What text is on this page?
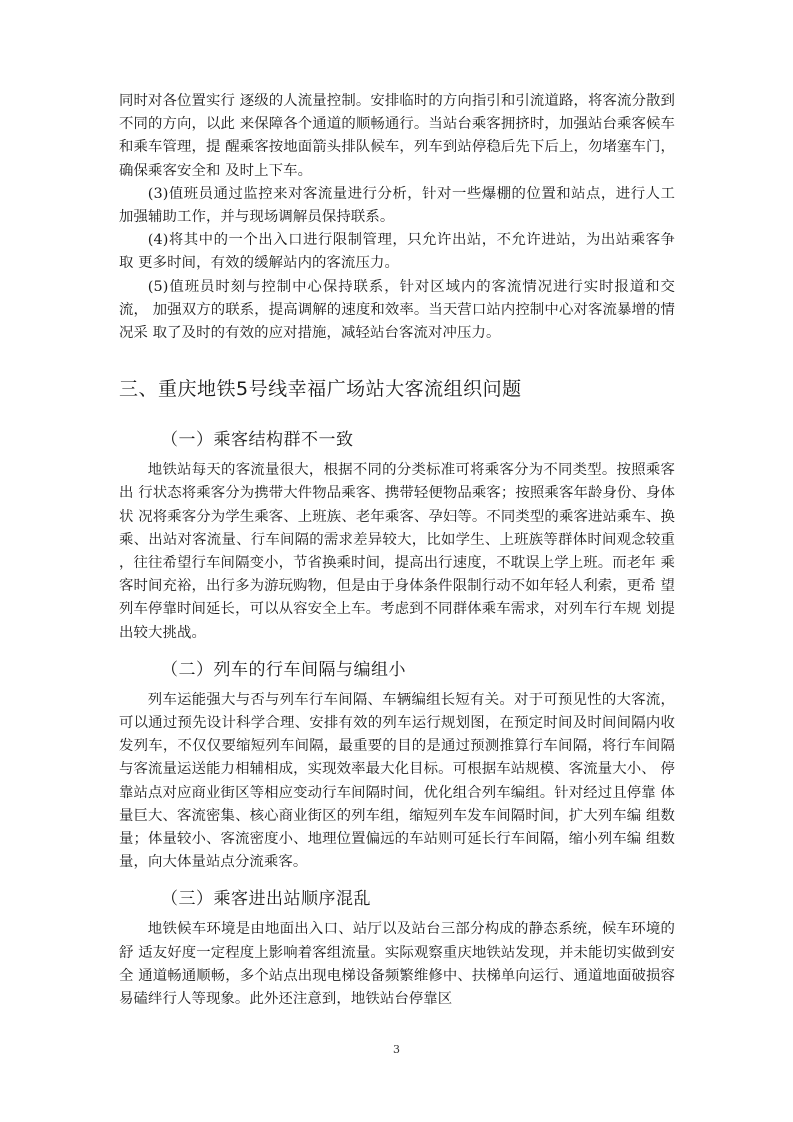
同时对各位置实行 逐级的人流量控制。安排临时的方向指引和引流道路，将客流分散到不同的方向，以此 来保障各个通道的顺畅通行。当站台乘客拥挤时，加强站台乘客候车和乘车管理，提 醒乘客按地面箭头排队候车，列车到站停稳后先下后上，勿堵塞车门，确保乘客安全和 及时上下车。

(3)值班员通过监控来对客流量进行分析，针对一些爆棚的位置和站点，进行人工加强辅助工作，并与现场调解员保持联系。

(4)将其中的一个出入口进行限制管理，只允许出站，不允许进站，为出站乘客争取 更多时间，有效的缓解站内的客流压力。

(5)值班员时刻与控制中心保持联系，针对区域内的客流情况进行实时报道和交流， 加强双方的联系，提高调解的速度和效率。当天营口站内控制中心对客流暴增的情况采 取了及时的有效的应对措施，减轻站台客流对冲压力。

三、重庆地铁5号线幸福广场站大客流组织问题
（一）乘客结构群不一致

地铁站每天的客流量很大，根据不同的分类标准可将乘客分为不同类型。按照乘客出 行状态将乘客分为携带大件物品乘客、携带轻便物品乘客；按照乘客年龄身份、身体状 况将乘客分为学生乘客、上班族、老年乘客、孕妇等。不同类型的乘客进站乘车、换 乘、出站对客流量、行车间隔的需求差异较大，比如学生、上班族等群体时间观念较重 ，往往希望行车间隔变小，节省换乘时间，提高出行速度，不耽误上学上班。而老年 乘客时间充裕，出行多为游玩购物，但是由于身体条件限制行动不如年轻人利索，更希 望列车停靠时间延长，可以从容安全上车。考虑到不同群体乘车需求，对列车行车规 划提出较大挑战。

（二）列车的行车间隔与编组小

列车运能强大与否与列车行车间隔、车辆编组长短有关。对于可预见性的大客流，可以通过预先设计科学合理、安排有效的列车运行规划图，在预定时间及时间间隔内收 发列车，不仅仅要缩短列车间隔，最重要的目的是通过预测推算行车间隔，将行车间隔 与客流量运送能力相辅相成，实现效率最大化目标。可根据车站规模、客流量大小、 停靠站点对应商业街区等相应变动行车间隔时间，优化组合列车编组。针对经过且停靠 体量巨大、客流密集、核心商业街区的列车组，缩短列车发车间隔时间，扩大列车编 组数量；体量较小、客流密度小、地理位置偏远的车站则可延长行车间隔，缩小列车编 组数量，向大体量站点分流乘客。

（三）乘客进出站顺序混乱

地铁候车环境是由地面出入口、站厅以及站台三部分构成的静态系统，候车环境的舒 适友好度一定程度上影响着客组流量。实际观察重庆地铁站发现，并未能切实做到安全 通道畅通顺畅，多个站点出现电梯设备频繁维修中、扶梯单向运行、通道地面破损容 易磕绊行人等现象。此外还注意到，地铁站台停靠区

3
